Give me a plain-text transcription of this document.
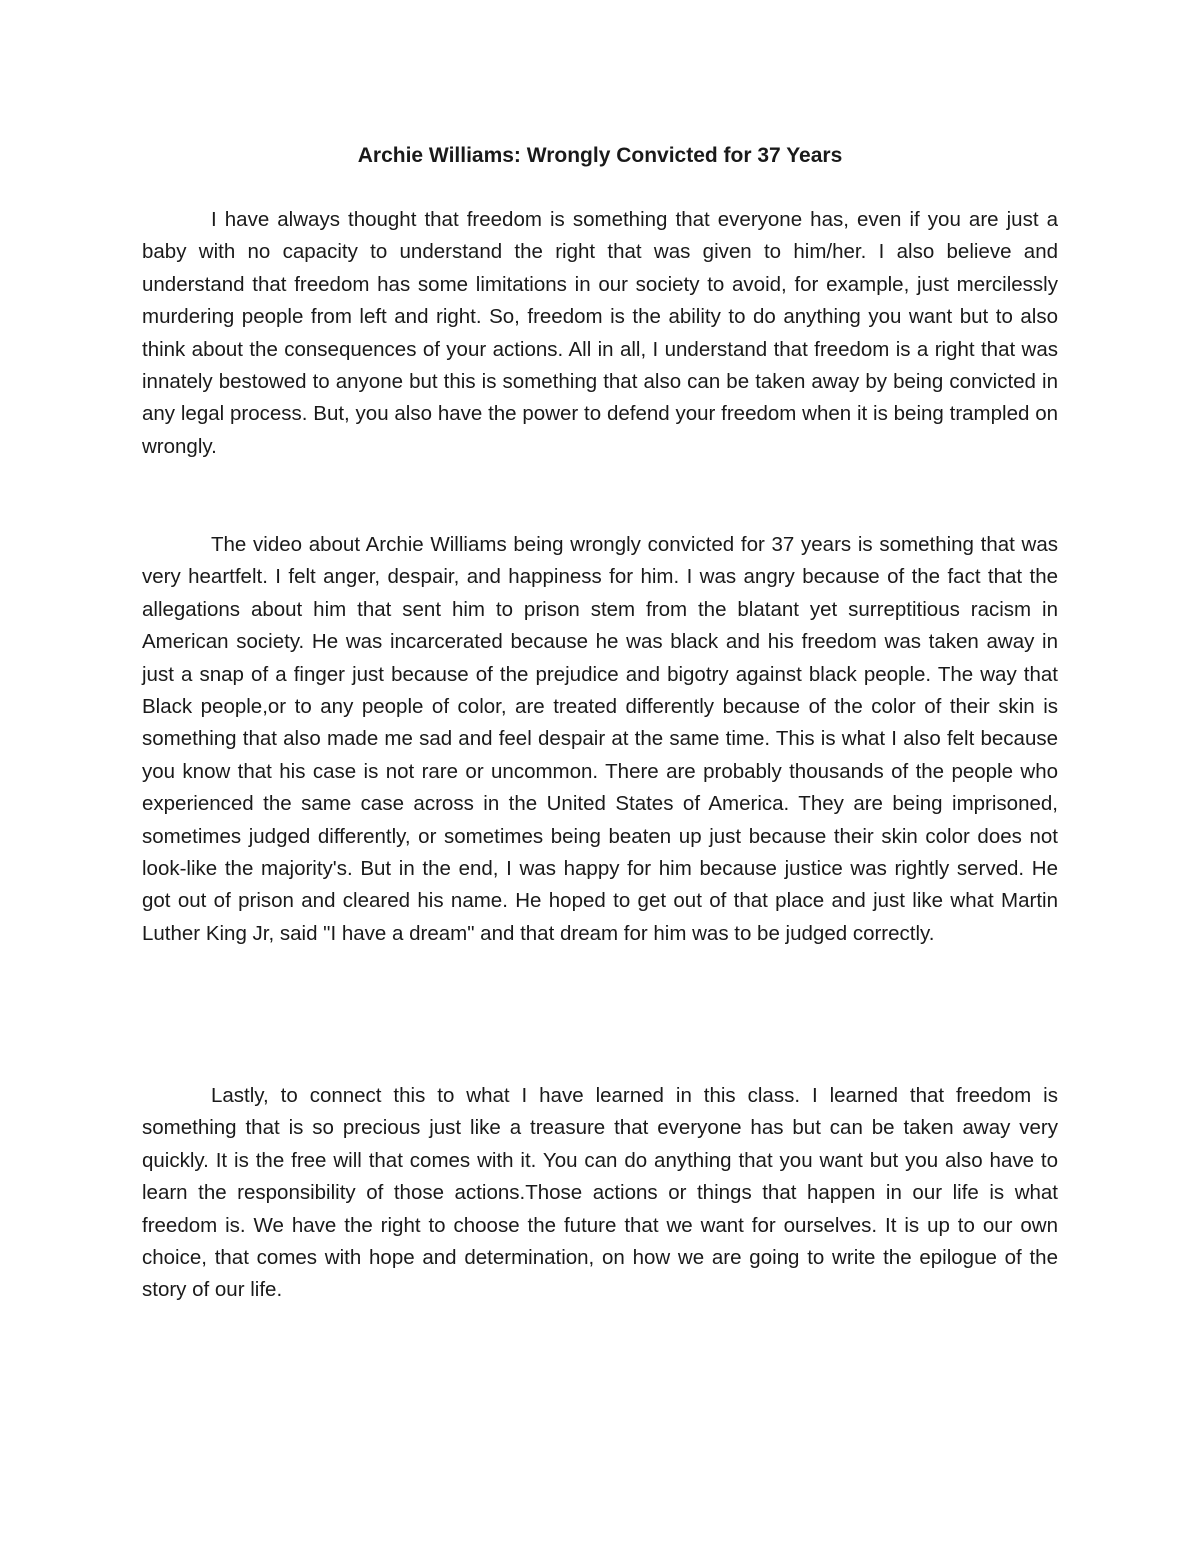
Archie Williams: Wrongly Convicted for 37 Years

I have always thought that freedom is something that everyone has, even if you are just a baby with no capacity to understand the right that was given to him/her. I also believe and understand that freedom has some limitations in our society to avoid, for example, just mercilessly murdering people from left and right. So, freedom is the ability to do anything you want but to also think about the consequences of your actions. All in all, I understand that freedom is a right that was innately bestowed to anyone but this is something that also can be taken away by being convicted in any legal process. But, you also have the power to defend your freedom when it is being trampled on wrongly.

The video about Archie Williams being wrongly convicted for 37 years is something that was very heartfelt. I felt anger, despair, and happiness for him. I was angry because of the fact that the allegations about him that sent him to prison stem from the blatant yet surreptitious racism in American society. He was incarcerated because he was black and his freedom was taken away in just a snap of a finger just because of the prejudice and bigotry against black people. The way that Black people,or to any people of color, are treated differently because of the color of their skin is something that also made me sad and feel despair at the same time. This is what I also felt because you know that his case is not rare or uncommon. There are probably thousands of the people who experienced the same case across in the United States of America. They are being imprisoned, sometimes judged differently, or sometimes being beaten up just because their skin color does not look-like the majority's. But in the end, I was happy for him because justice was rightly served. He got out of prison and cleared his name. He hoped to get out of that place and just like what Martin Luther King Jr, said "I have a dream" and that dream for him was to be judged correctly.

Lastly, to connect this to what I have learned in this class. I learned that freedom is something that is so precious just like a treasure that everyone has but can be taken away very quickly. It is the free will that comes with it. You can do anything that you want but you also have to learn the responsibility of those actions.Those actions or things that happen in our life is what freedom is. We have the right to choose the future that we want for ourselves. It is up to our own choice, that comes with hope and determination, on how we are going to write the epilogue of the story of our life.
